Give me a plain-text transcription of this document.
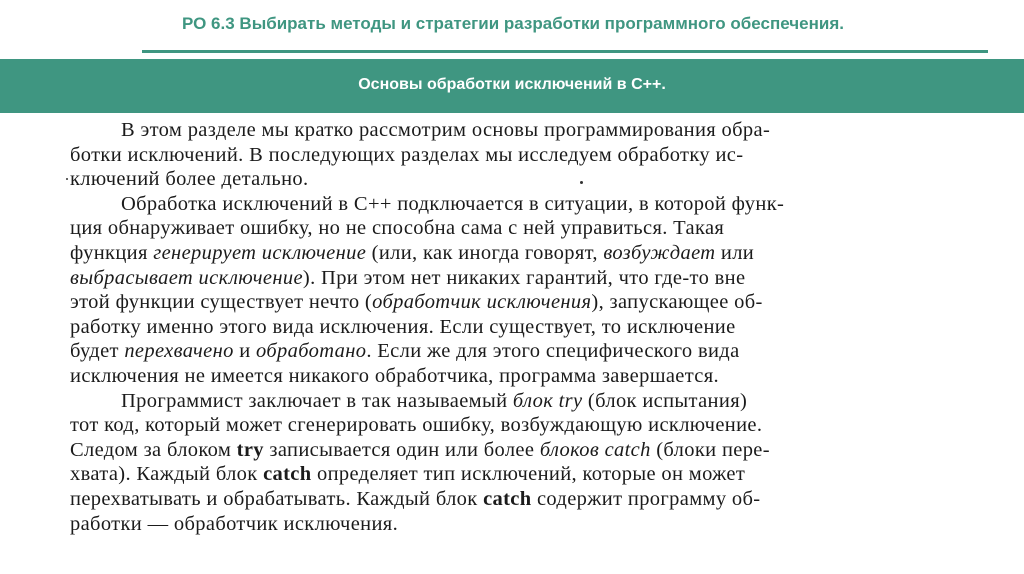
РО 6.3 Выбирать методы и стратегии разработки программного обеспечения.
Основы обработки исключений в С++.
В этом разделе мы кратко рассмотрим основы программирования обра-
ботки исключений. В последующих разделах мы исследуем обработку ис-
ключений более детально.
Обработка исключений в С++ подключается в ситуации, в которой функ-
ция обнаруживает ошибку, но не способна сама с ней управиться. Такая
функция генерирует исключение (или, как иногда говорят, возбуждает или
выбрасывает исключение). При этом нет никаких гарантий, что где-то вне
этой функции существует нечто (обработчик исключения), запускающее об-
работку именно этого вида исключения. Если существует, то исключение
будет перехвачено и обработано. Если же для этого специфического вида
исключения не имеется никакого обработчика, программа завершается.
Программист заключает в так называемый блок try (блок испытания)
тот код, который может сгенерировать ошибку, возбуждающую исключение.
Следом за блоком try записывается один или более блоков catch (блоки пере-
хвата). Каждый блок catch определяет тип исключений, которые он может
перехватывать и обрабатывать. Каждый блок catch содержит программу об-
работки — обработчик исключения.
